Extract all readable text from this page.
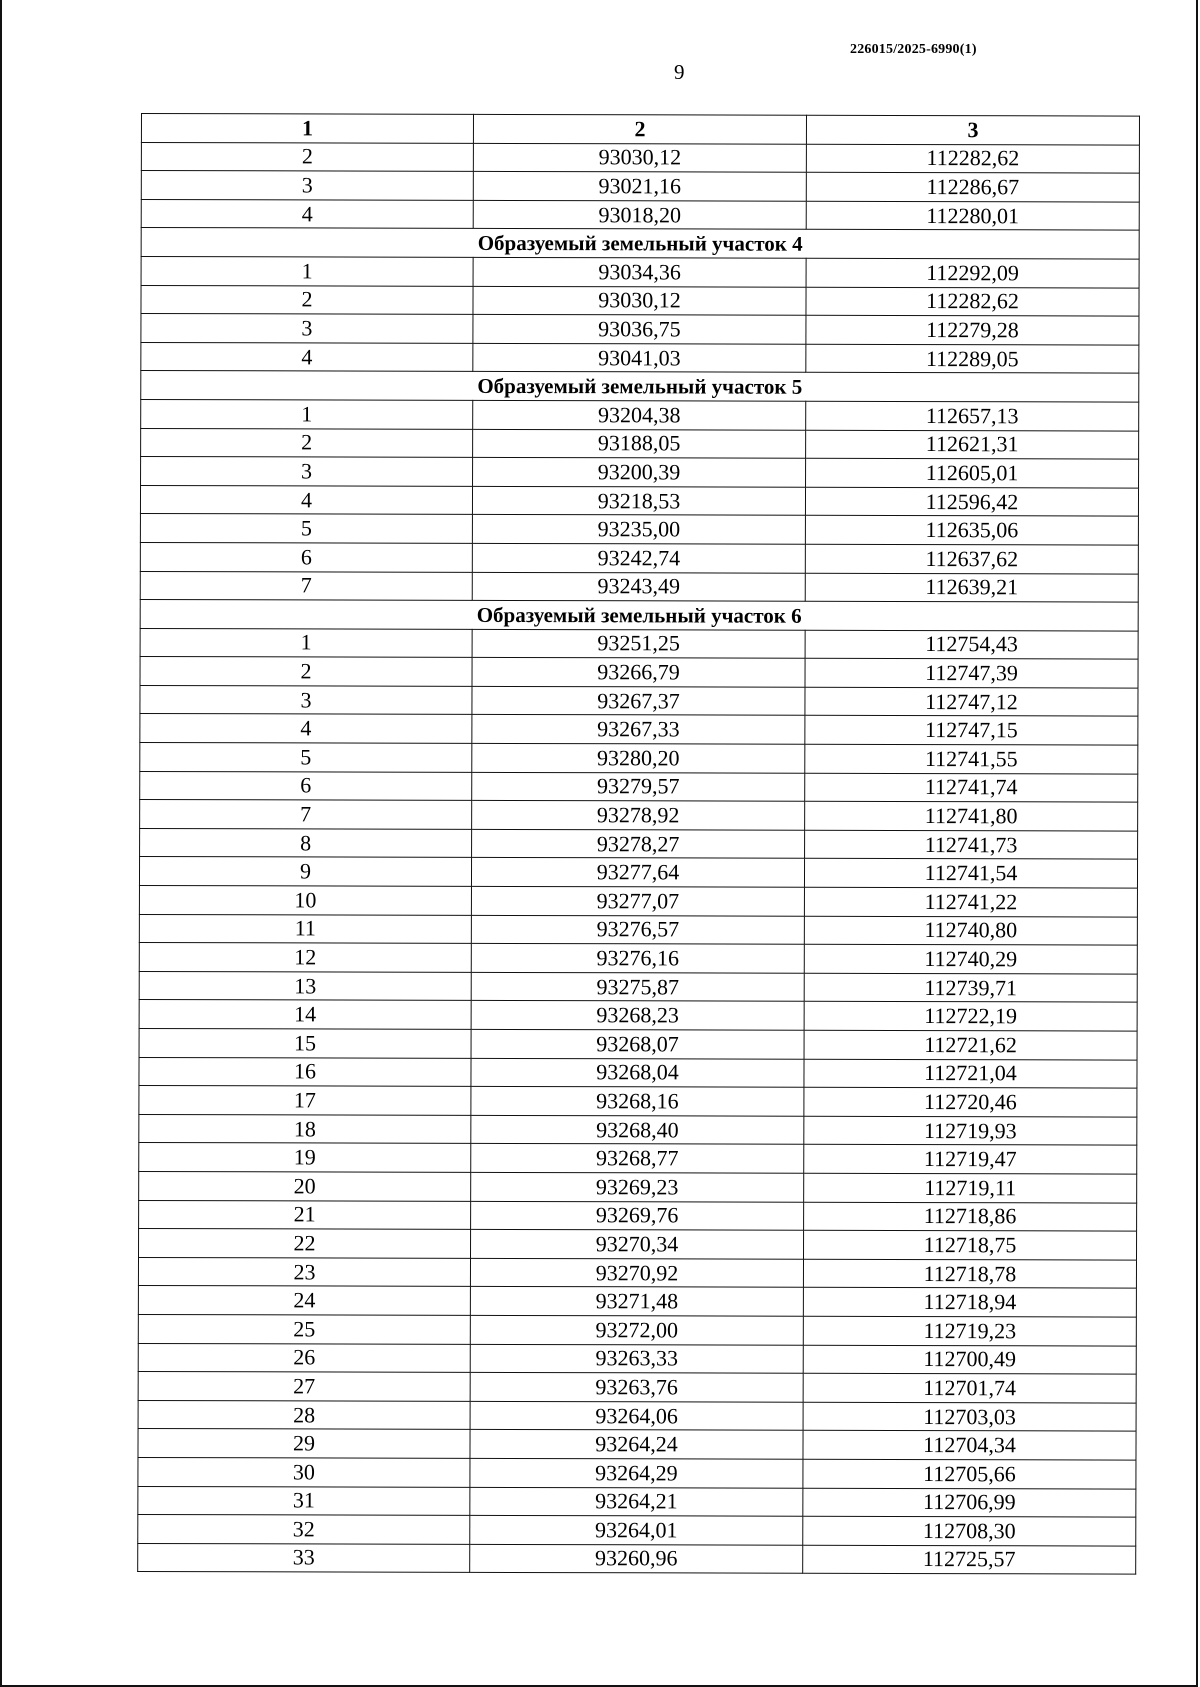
226015/2025-6990(1)
9
1	2	3
2	93030,12	112282,62
3	93021,16	112286,67
4	93018,20	112280,01
Образуемый земельный участок 4		
1	93034,36	112292,09
2	93030,12	112282,62
3	93036,75	112279,28
4	93041,03	112289,05
Образуемый земельный участок 5		
1	93204,38	112657,13
2	93188,05	112621,31
3	93200,39	112605,01
4	93218,53	112596,42
5	93235,00	112635,06
6	93242,74	112637,62
7	93243,49	112639,21
Образуемый земельный участок 6		
1	93251,25	112754,43
2	93266,79	112747,39
3	93267,37	112747,12
4	93267,33	112747,15
5	93280,20	112741,55
6	93279,57	112741,74
7	93278,92	112741,80
8	93278,27	112741,73
9	93277,64	112741,54
10	93277,07	112741,22
11	93276,57	112740,80
12	93276,16	112740,29
13	93275,87	112739,71
14	93268,23	112722,19
15	93268,07	112721,62
16	93268,04	112721,04
17	93268,16	112720,46
18	93268,40	112719,93
19	93268,77	112719,47
20	93269,23	112719,11
21	93269,76	112718,86
22	93270,34	112718,75
23	93270,92	112718,78
24	93271,48	112718,94
25	93272,00	112719,23
26	93263,33	112700,49
27	93263,76	112701,74
28	93264,06	112703,03
29	93264,24	112704,34
30	93264,29	112705,66
31	93264,21	112706,99
32	93264,01	112708,30
33	93260,96	112725,57
